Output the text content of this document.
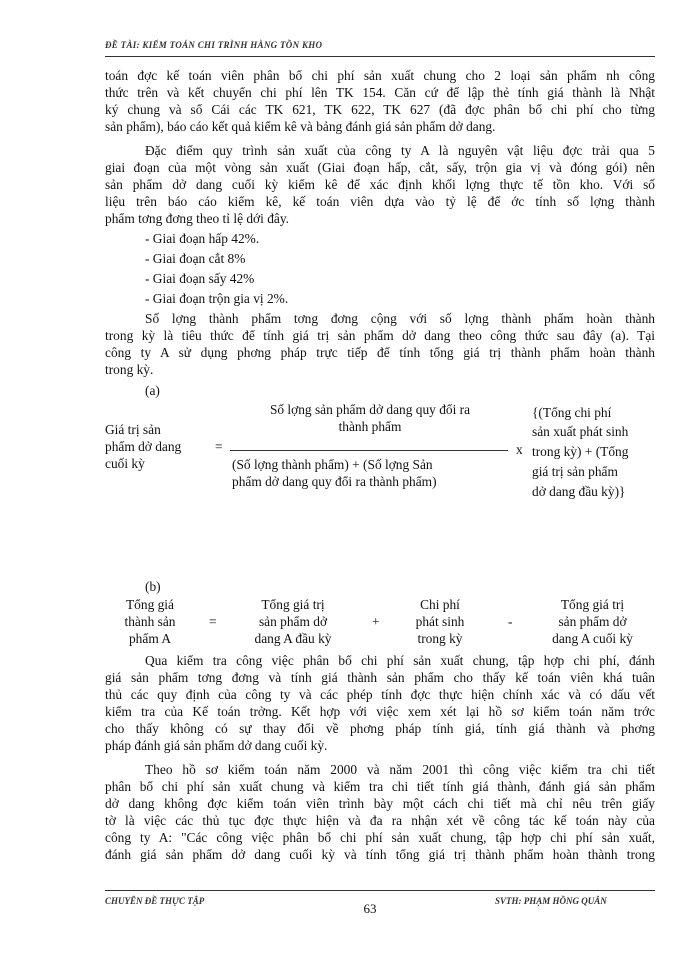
ĐỀ TÀI: KIỂM TOÁN CHI TRÌNH HÀNG TỒN KHO
toán đợc kế toán viên phân bổ chi phí sản xuất chung cho 2 loại sản phẩm nh công
thức trên và kết chuyển chi phí lên TK 154. Căn cứ để lập thẻ tính giá thành là Nhật
ký chung và sổ Cái các TK 621, TK 622, TK 627 (đã đợc phân bổ chi phí cho từng
sản phẩm), báo cáo kết quả kiểm kê và bảng đánh giá sản phẩm dở dang.
Đặc điểm quy trình sản xuất của công ty A là nguyên vật liệu đợc trải qua 5
giai đoạn của một vòng sản xuất (Giai đoạn hấp, cắt, sấy, trộn gia vị và đóng gói) nên
sản phẩm dở dang cuối kỳ kiểm kê để xác định khối lợng thực tế tồn kho. Với số
liệu trên báo cáo kiểm kê, kế toán viên dựa vào tỷ lệ để ớc tính số lợng thành
phẩm tơng đơng theo tỉ lệ dới đây.
- Giai đoạn hấp 42%.
- Giai đoạn cắt 8%
- Giai đoạn sấy 42%
- Giai đoạn trộn gia vị 2%.
Số lợng thành phẩm tơng đơng cộng với số lợng thành phẩm hoàn thành
trong kỳ là tiêu thức để tính giá trị sản phẩm dở dang theo công thức sau đây (a). Tại
công ty A sử dụng phơng pháp trực tiếp để tính tổng giá trị thành phẩm hoàn thành
trong kỳ.
(a)
Giá trị sản
phẩm dở dang
cuối kỳ
=
Số lợng sản phẩm dở dang quy đổi ra
thành phẩm
(Số lợng thành phẩm) + (Số lợng Sản
phẩm dở dang quy đổi ra thành phẩm)
x
{(Tổng chi phí
sản xuất phát sinh
trong kỳ) + (Tổng
giá trị sản phẩm
dở dang đầu kỳ)}
(b)
Tổng giá
thành sản
phẩm A
=
Tổng giá trị
sản phẩm dở
dang A đầu kỳ
+
Chi phí
phát sinh
trong kỳ
-
Tổng giá trị
sản phẩm dở
dang A cuối kỳ
Qua kiểm tra công việc phân bổ chi phí sản xuất chung, tập hợp chi phí, đánh
giá sản phẩm tơng đơng và tính giá thành sản phẩm cho thấy kế toán viên khá tuân
thủ các quy định của công ty và các phép tính đợc thực hiện chính xác và có dấu vết
kiểm tra của Kế toán trởng. Kết hợp với việc xem xét lại hồ sơ kiểm toán năm trớc
cho thấy không có sự thay đổi về phơng pháp tính giá, tính giá thành và phơng
pháp đánh giá sản phẩm dở dang cuối kỳ.
Theo hồ sơ kiểm toán năm 2000 và năm 2001 thì công việc kiểm tra chi tiết
phân bổ chi phí sản xuất chung và kiểm tra chi tiết tính giá thành, đánh giá sản phẩm
dở dang không đợc kiểm toán viên trình bày một cách chi tiết mà chỉ nêu trên giấy
tờ là việc các thủ tục đợc thực hiện và đa ra nhận xét về công tác kế toán này của
công ty A: "Các công việc phân bổ chi phí sản xuất chung, tập hợp chi phí sản xuất,
đánh giá sản phẩm dở dang cuối kỳ và tính tổng giá trị thành phẩm hoàn thành trong
CHUYÊN ĐỀ THỰC TẬP	63	SVTH: PHẠM HỒNG QUÂN
